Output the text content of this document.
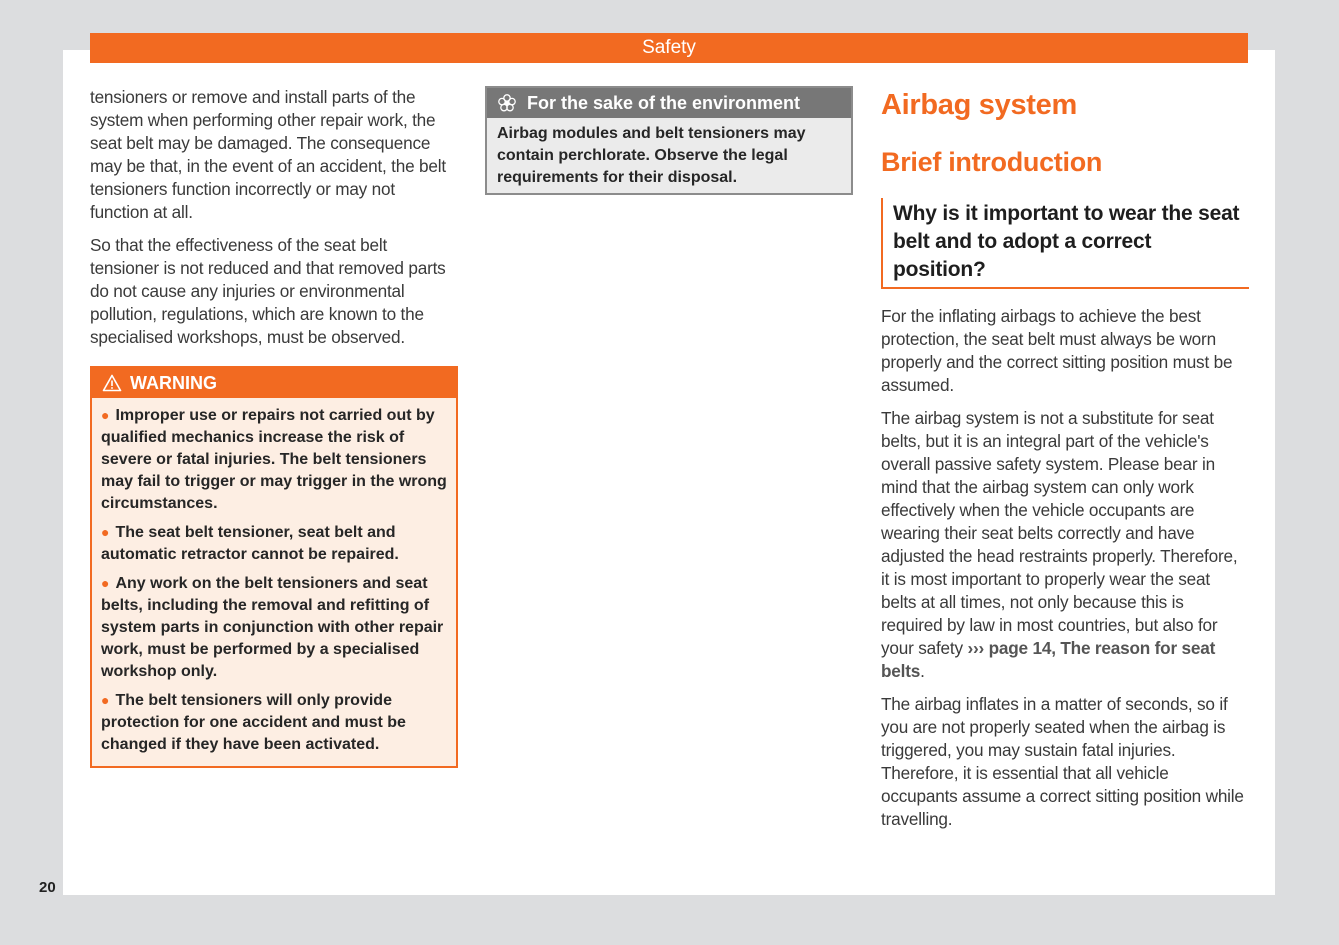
Safety
20

tensioners or remove and install parts of the system when performing other repair work, the seat belt may be damaged. The consequence may be that, in the event of an accident, the belt tensioners function incorrectly or may not function at all.

So that the effectiveness of the seat belt tensioner is not reduced and that removed parts do not cause any injuries or environmental pollution, regulations, which are known to the specialised workshops, must be observed.

WARNING
● Improper use or repairs not carried out by qualified mechanics increase the risk of severe or fatal injuries. The belt tensioners may fail to trigger or may trigger in the wrong circumstances.
● The seat belt tensioner, seat belt and automatic retractor cannot be repaired.
● Any work on the belt tensioners and seat belts, including the removal and refitting of system parts in conjunction with other repair work, must be performed by a specialised workshop only.
● The belt tensioners will only provide protection for one accident and must be changed if they have been activated.
For the sake of the environment
Airbag modules and belt tensioners may contain perchlorate. Observe the legal requirements for their disposal.
Airbag system
Brief introduction
Why is it important to wear the seat belt and to adopt a correct position?

For the inflating airbags to achieve the best protection, the seat belt must always be worn properly and the correct sitting position must be assumed.

The airbag system is not a substitute for seat belts, but it is an integral part of the vehicle's overall passive safety system. Please bear in mind that the airbag system can only work effectively when the vehicle occupants are wearing their seat belts correctly and have adjusted the head restraints properly. Therefore, it is most important to properly wear the seat belts at all times, not only because this is required by law in most countries, but also for your safety ››› page 14, The reason for seat belts.

The airbag inflates in a matter of seconds, so if you are not properly seated when the airbag is triggered, you may sustain fatal injuries. Therefore, it is essential that all vehicle occupants assume a correct sitting position while travelling.
